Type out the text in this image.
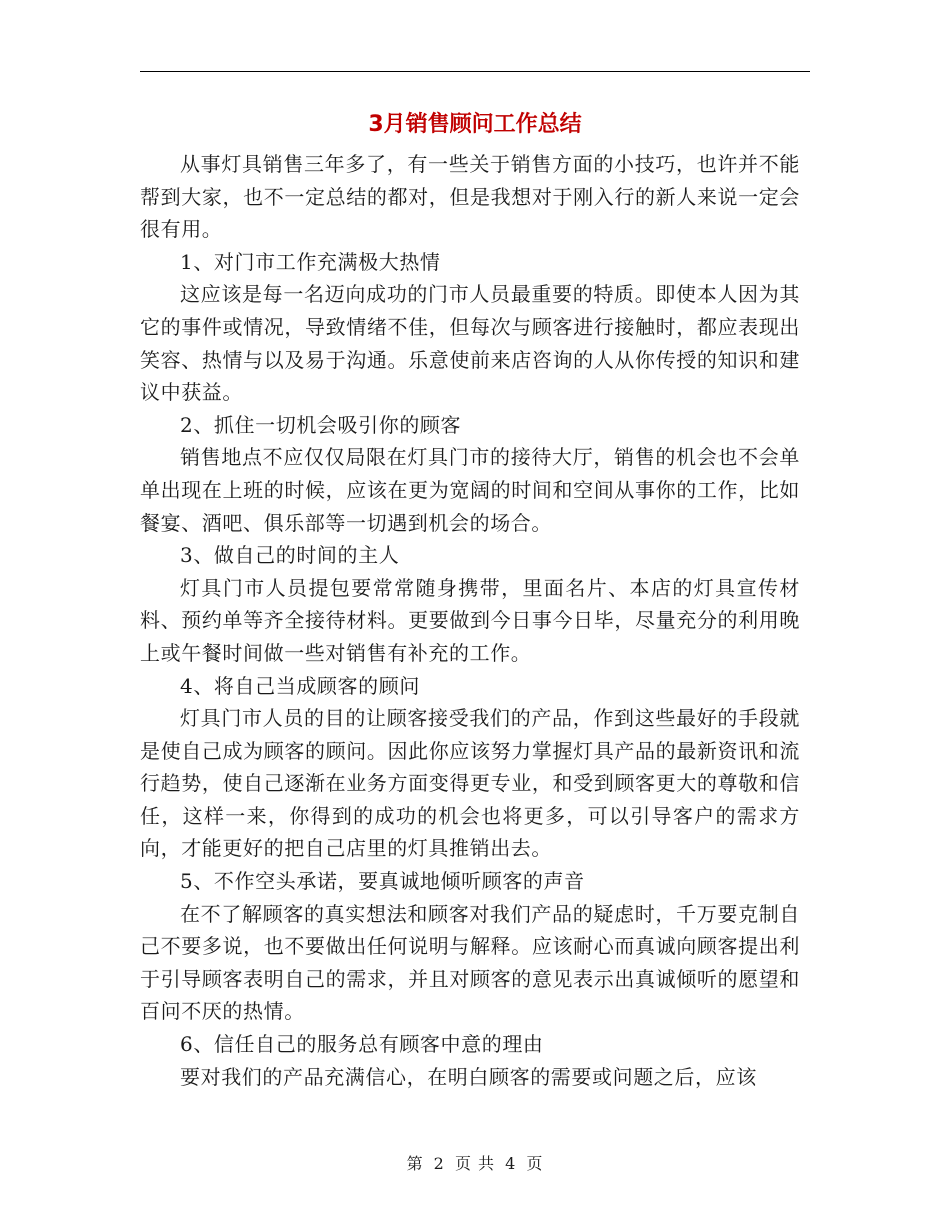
3月销售顾问工作总结

从事灯具销售三年多了，有一些关于销售方面的小技巧，也许并不能帮到大家，也不一定总结的都对，但是我想对于刚入行的新人来说一定会很有用。

1、对门市工作充满极大热情

这应该是每一名迈向成功的门市人员最重要的特质。即使本人因为其它的事件或情况，导致情绪不佳，但每次与顾客进行接触时，都应表现出笑容、热情与以及易于沟通。乐意使前来店咨询的人从你传授的知识和建议中获益。

2、抓住一切机会吸引你的顾客

销售地点不应仅仅局限在灯具门市的接待大厅，销售的机会也不会单单出现在上班的时候，应该在更为宽阔的时间和空间从事你的工作，比如餐宴、酒吧、俱乐部等一切遇到机会的场合。

3、做自己的时间的主人

灯具门市人员提包要常常随身携带，里面名片、本店的灯具宣传材料、预约单等齐全接待材料。更要做到今日事今日毕，尽量充分的利用晚上或午餐时间做一些对销售有补充的工作。

4、将自己当成顾客的顾问

灯具门市人员的目的让顾客接受我们的产品，作到这些最好的手段就是使自己成为顾客的顾问。因此你应该努力掌握灯具产品的最新资讯和流行趋势，使自己逐渐在业务方面变得更专业，和受到顾客更大的尊敬和信任，这样一来，你得到的成功的机会也将更多，可以引导客户的需求方向，才能更好的把自己店里的灯具推销出去。

5、不作空头承诺，要真诚地倾听顾客的声音

在不了解顾客的真实想法和顾客对我们产品的疑虑时，千万要克制自己不要多说，也不要做出任何说明与解释。应该耐心而真诚向顾客提出利于引导顾客表明自己的需求，并且对顾客的意见表示出真诚倾听的愿望和百问不厌的热情。

6、信任自己的服务总有顾客中意的理由

要对我们的产品充满信心，在明白顾客的需要或问题之后，应该

第 2 页 共 4 页
